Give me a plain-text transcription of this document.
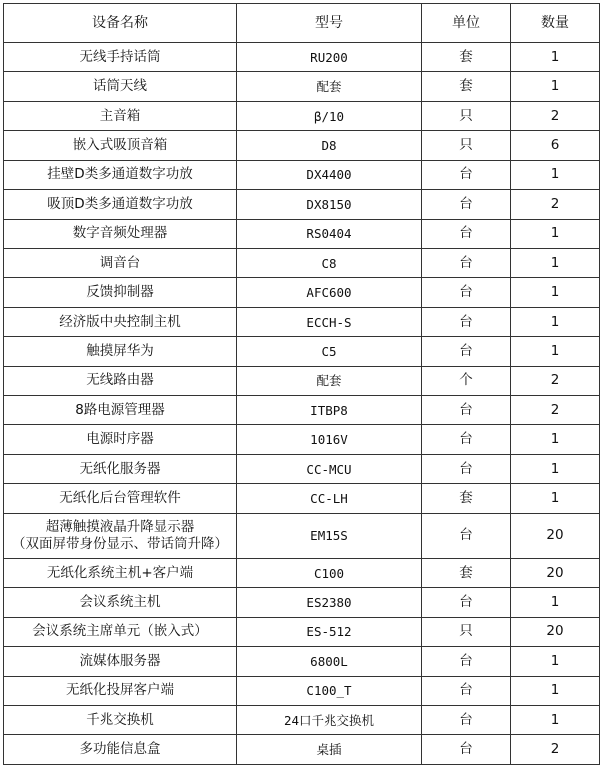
设备名称	型号	单位	数量

无线手持话筒	RU200	套	1

话筒天线	配套	套	1

主音箱	β/10	只	2

嵌入式吸顶音箱	D8	只	6

挂壁D类多通道数字功放	DX4400	台	1

吸顶D类多通道数字功放	DX8150	台	2

数字音频处理器	RS0404	台	1

调音台	C8	台	1

反馈抑制器	AFC600	台	1

经济版中央控制主机	ECCH-S	台	1

触摸屏华为	C5	台	1

无线路由器	配套	个	2

8路电源管理器	ITBP8	台	2

电源时序器	1016V	台	1

无纸化服务器	CC-MCU	台	1

无纸化后台管理软件	CC-LH	套	1

超薄触摸液晶升降显示器
（双面屏带身份显示、带话筒升降）	EM15S	台	20

无纸化系统主机+客户端	C100	套	20

会议系统主机	ES2380	台	1

会议系统主席单元（嵌入式）	ES-512	只	20

流媒体服务器	6800L	台	1

无纸化投屏客户端	C100_T	台	1

千兆交换机	24口千兆交换机	台	1

多功能信息盒	桌插	台	2
